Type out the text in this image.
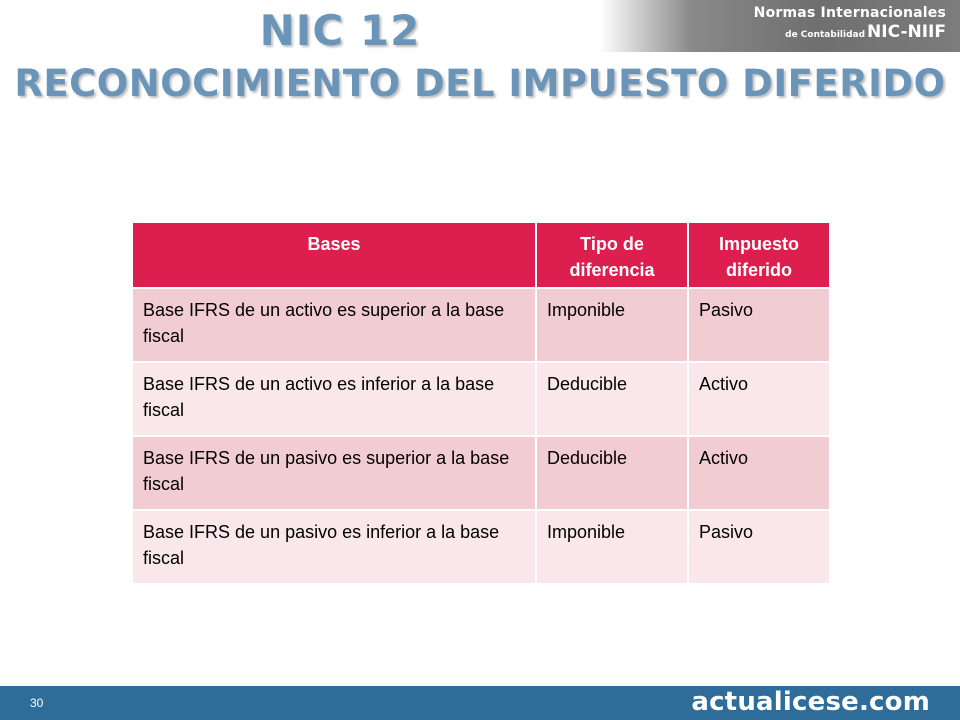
Normas Internacionales
de Contabilidad NIC-NIIF
NIC 12
RECONOCIMIENTO DEL IMPUESTO DIFERIDO
Bases	Tipo de diferencia	Impuesto diferido
Base IFRS de un activo es superior a la base fiscal	Imponible	Pasivo
Base IFRS de un activo es inferior a la base fiscal	Deducible	Activo
Base IFRS de un pasivo es superior a la base fiscal	Deducible	Activo
Base IFRS de un pasivo es inferior a la base fiscal	Imponible	Pasivo
30	actualicese.com
